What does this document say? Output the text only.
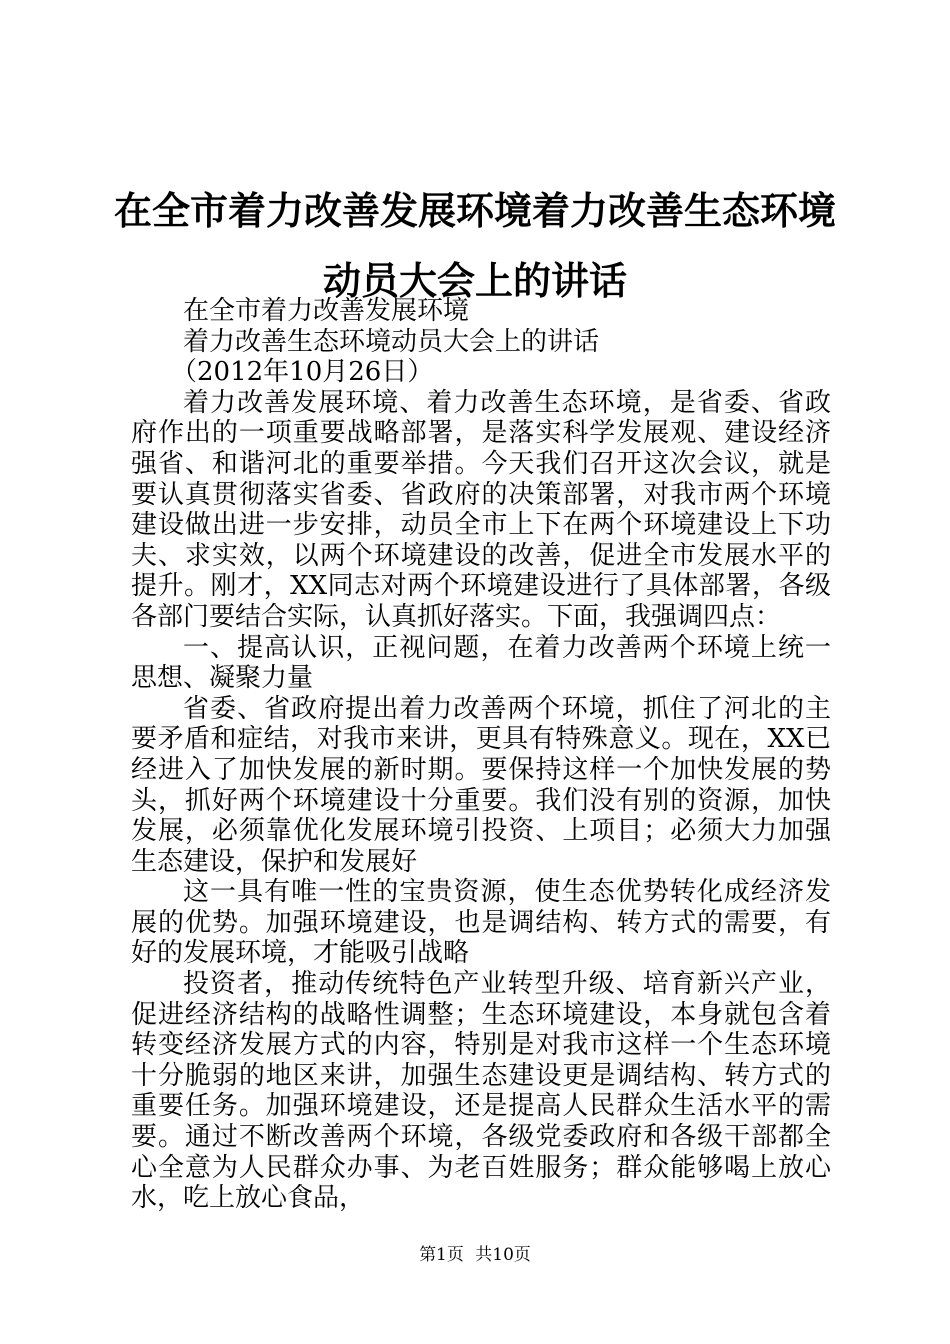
在全市着力改善发展环境着力改善生态环境动员大会上的讲话

在全市着力改善发展环境

着力改善生态环境动员大会上的讲话

（2012年10月26日）

着力改善发展环境、着力改善生态环境，是省委、省政府作出的一项重要战略部署，是落实科学发展观、建设经济强省、和谐河北的重要举措。今天我们召开这次会议，就是要认真贯彻落实省委、省政府的决策部署，对我市两个环境建设做出进一步安排，动员全市上下在两个环境建设上下功夫、求实效，以两个环境建设的改善，促进全市发展水平的提升。刚才，XX同志对两个环境建设进行了具体部署，各级各部门要结合实际，认真抓好落实。下面，我强调四点：

一、提高认识，正视问题，在着力改善两个环境上统一思想、凝聚力量

省委、省政府提出着力改善两个环境，抓住了河北的主要矛盾和症结，对我市来讲，更具有特殊意义。现在，XX已经进入了加快发展的新时期。要保持这样一个加快发展的势头，抓好两个环境建设十分重要。我们没有别的资源，加快发展，必须靠优化发展环境引投资、上项目；必须大力加强生态建设，保护和发展好

这一具有唯一性的宝贵资源，使生态优势转化成经济发展的优势。加强环境建设，也是调结构、转方式的需要，有好的发展环境，才能吸引战略

投资者，推动传统特色产业转型升级、培育新兴产业，促进经济结构的战略性调整；生态环境建设，本身就包含着转变经济发展方式的内容，特别是对我市这样一个生态环境十分脆弱的地区来讲，加强生态建设更是调结构、转方式的重要任务。加强环境建设，还是提高人民群众生活水平的需要。通过不断改善两个环境，各级党委政府和各级干部都全心全意为人民群众办事、为老百姓服务；群众能够喝上放心水，吃上放心食品，

第1页 共10页
